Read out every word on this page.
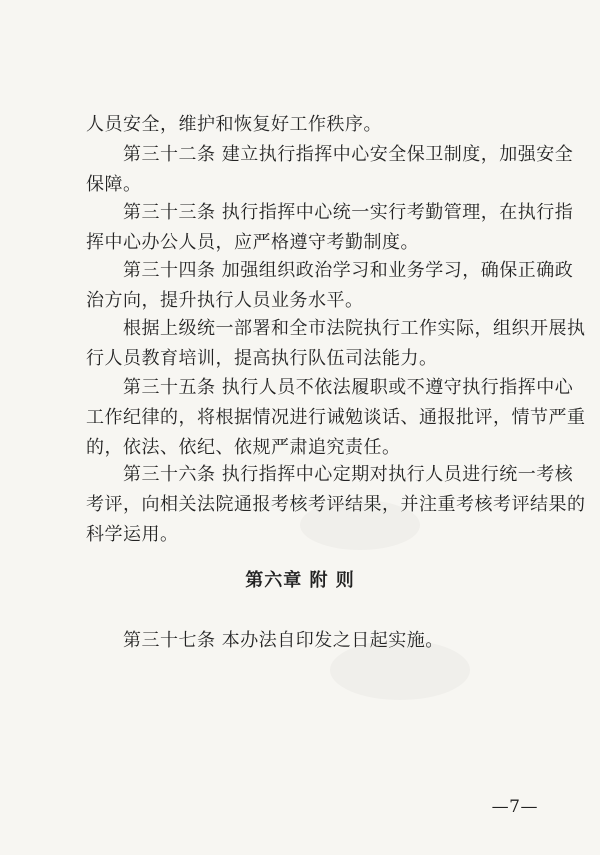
人员安全，维护和恢复好工作秩序。

　　第三十二条 建立执行指挥中心安全保卫制度，加强安全
保障。

　　第三十三条 执行指挥中心统一实行考勤管理，在执行指
挥中心办公人员，应严格遵守考勤制度。

　　第三十四条 加强组织政治学习和业务学习，确保正确政
治方向，提升执行人员业务水平。

　　根据上级统一部署和全市法院执行工作实际，组织开展执
行人员教育培训，提高执行队伍司法能力。

　　第三十五条 执行人员不依法履职或不遵守执行指挥中心
工作纪律的，将根据情况进行诫勉谈话、通报批评，情节严重
的，依法、依纪、依规严肃追究责任。

　　第三十六条 执行指挥中心定期对执行人员进行统一考核
考评，向相关法院通报考核考评结果，并注重考核考评结果的
科学运用。

第六章 附 则

　　第三十七条 本办法自印发之日起实施。

—7—
